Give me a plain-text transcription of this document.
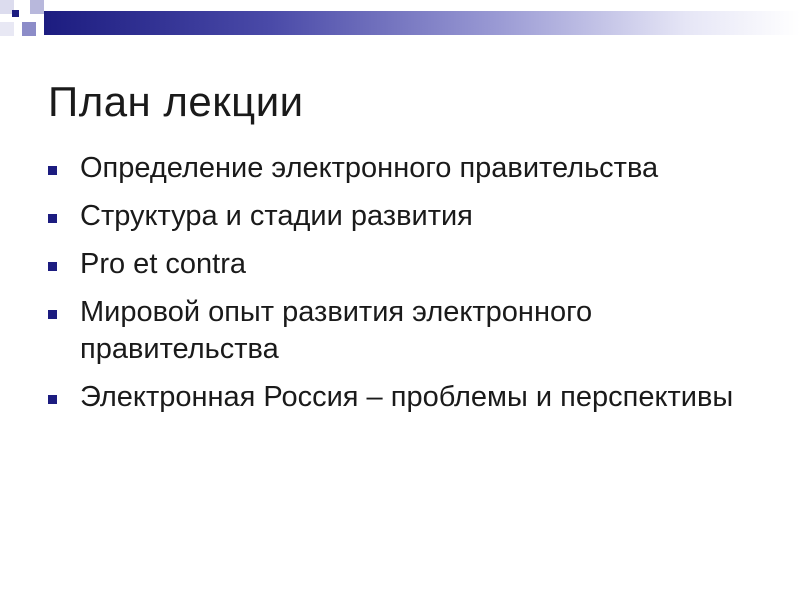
План лекции
Определение электронного правительства
Структура и стадии развития
Pro et contra
Мировой опыт развития электронного правительства
Электронная Россия – проблемы и перспективы
